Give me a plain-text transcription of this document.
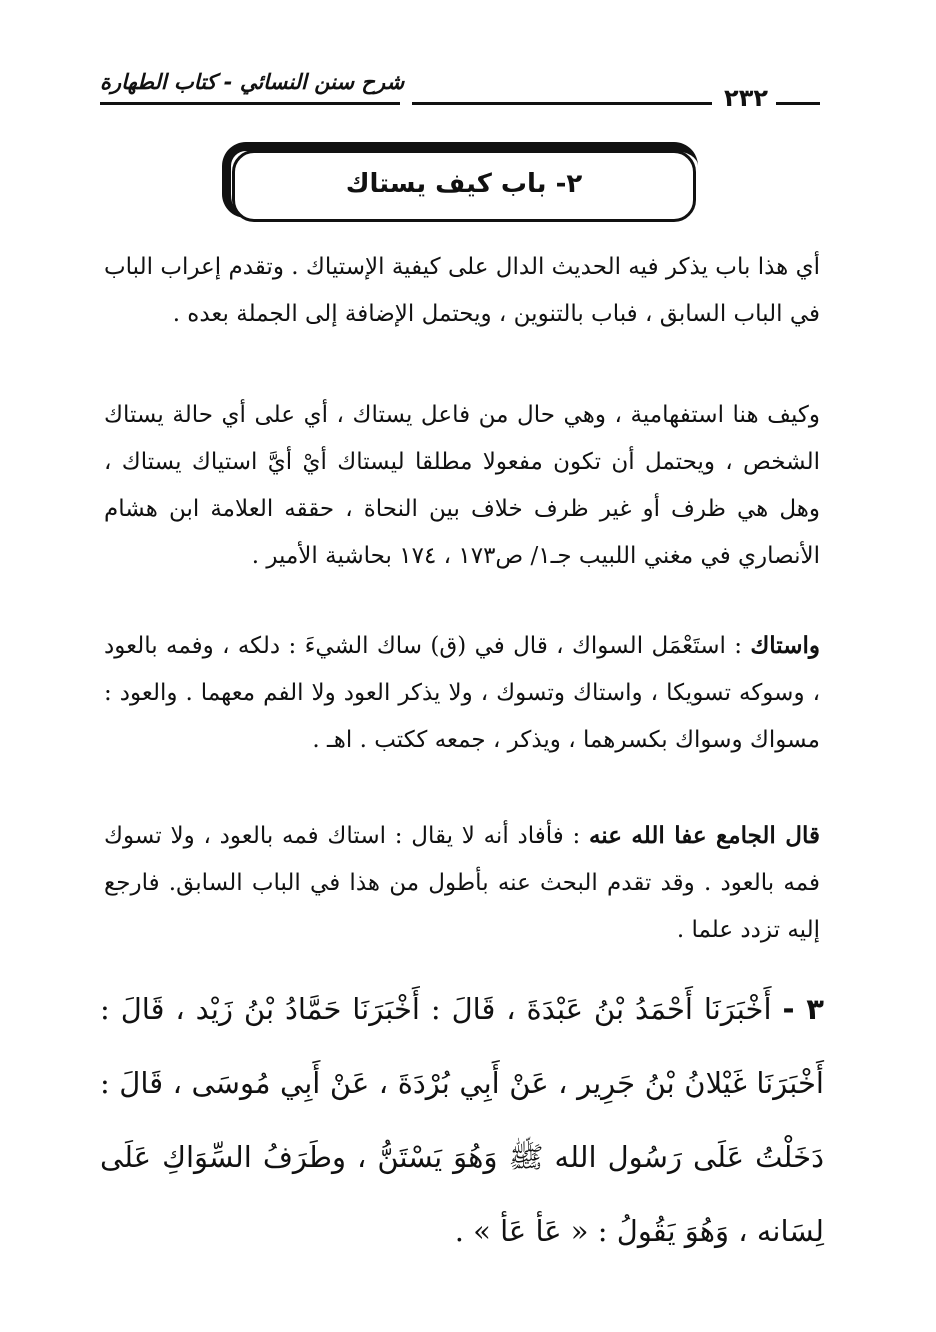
شرح سنن النسائي - كتاب الطهارة
٢٣٢
٢- باب كيف يستاك
أي هذا باب يذكر فيه الحديث الدال على كيفية الإستياك . وتقدم إعراب الباب في الباب السابق ، فباب بالتنوين ، ويحتمل الإضافة إلى الجملة بعده .
وكيف هنا استفهامية ، وهي حال من فاعل يستاك ، أي على أي حالة يستاك الشخص ، ويحتمل أن تكون مفعولا مطلقا ليستاك أيْ أيَّ استياك يستاك ، وهل هي ظرف أو غير ظرف خلاف بين النحاة ، حققه العلامة ابن هشام الأنصاري في مغني اللبيب جـ١/ ص١٧٣ ، ١٧٤ بحاشية الأمير .
واستاك : استَعْمَل السواك ، قال في (ق) ساك الشيءَ : دلكه ، وفمه بالعود ، وسوكه تسويكا ، واستاك وتسوك ، ولا يذكر العود ولا الفم معهما . والعود : مسواك وسواك بكسرهما ، ويذكر ، جمعه ككتب . اهـ .
قال الجامع عفا الله عنه : فأفاد أنه لا يقال : استاك فمه بالعود ، ولا تسوك فمه بالعود . وقد تقدم البحث عنه بأطول من هذا في الباب السابق. فارجع إليه تزدد علما .
٣ - أَخْبَرَنَا أَحْمَدُ بْنُ عَبْدَةَ ، قَالَ : أَخْبَرَنَا حَمَّادُ بْنُ زَيْد ، قَالَ : أَخْبَرَنَا غَيْلانُ بْنُ جَرِير ، عَنْ أَبِي بُرْدَةَ ، عَنْ أَبِي مُوسَى ، قَالَ : دَخَلْتُ عَلَى رَسُول الله ﷺ وَهُوَ يَسْتَنُّ ، وطَرَفُ السِّوَاكِ عَلَى لِسَانه ، وَهُوَ يَقُولُ : « عَأ عَأ » .
